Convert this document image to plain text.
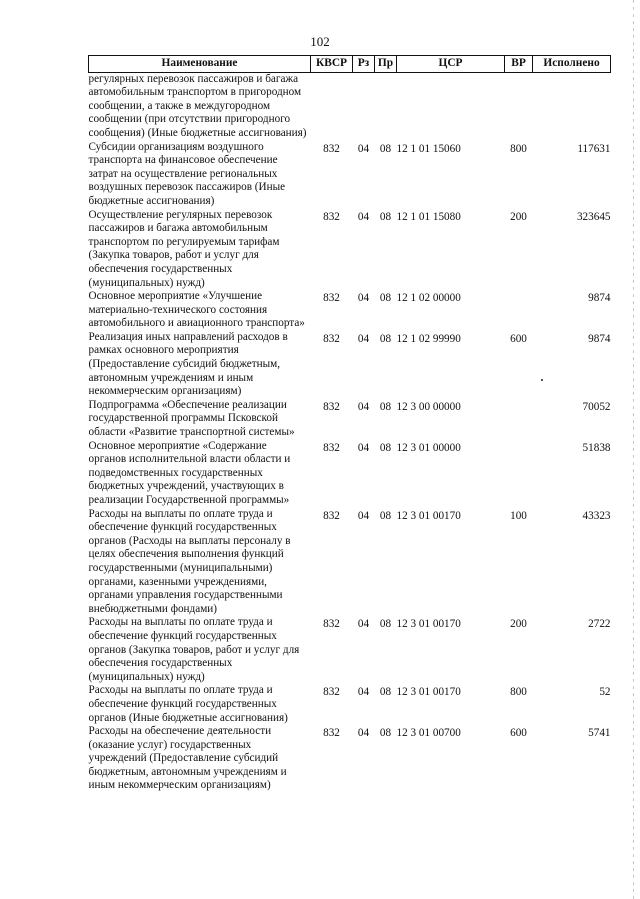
102
Наименование	КВСР	Рз	Пр	ЦСР	ВР	Исполнено
регулярных перевозок пассажиров и багажа автомобильным транспортом в пригородном сообщении, а также в междугородном сообщении (при отсутствии пригородного сообщения) (Иные бюджетные ассигнования)						
Субсидии организациям воздушного транспорта на финансовое обеспечение затрат на осуществление региональных воздушных перевозок пассажиров (Иные бюджетные ассигнования)	832	04	08	12 1 01 15060	800	117631
Осуществление регулярных перевозок пассажиров и багажа автомобильным транспортом по регулируемым тарифам (Закупка товаров, работ и услуг для обеспечения государственных (муниципальных) нужд)	832	04	08	12 1 01 15080	200	323645
Основное мероприятие «Улучшение материально-технического состояния автомобильного и авиационного транспорта»	832	04	08	12 1 02 00000		9874
Реализация иных направлений расходов в рамках основного мероприятия (Предоставление субсидий бюджетным, автономным учреждениям и иным некоммерческим организациям)	832	04	08	12 1 02 99990	600	9874
Подпрограмма «Обеспечение реализации государственной программы Псковской области «Развитие транспортной системы»	832	04	08	12 3 00 00000		70052
Основное мероприятие «Содержание органов исполнительной власти области и подведомственных государственных бюджетных учреждений, участвующих в реализации Государственной программы»	832	04	08	12 3 01 00000		51838
Расходы на выплаты по оплате труда и обеспечение функций государственных органов (Расходы на выплаты персоналу в целях обеспечения выполнения функций государственными (муниципальными) органами, казенными учреждениями, органами управления государственными внебюджетными фондами)	832	04	08	12 3 01 00170	100	43323
Расходы на выплаты по оплате труда и обеспечение функций государственных органов (Закупка товаров, работ и услуг для обеспечения государственных (муниципальных) нужд)	832	04	08	12 3 01 00170	200	2722
Расходы на выплаты по оплате труда и обеспечение функций государственных органов (Иные бюджетные ассигнования)	832	04	08	12 3 01 00170	800	52
Расходы на обеспечение деятельности (оказание услуг) государственных учреждений (Предоставление субсидий бюджетным, автономным учреждениям и иным некоммерческим организациям)	832	04	08	12 3 01 00700	600	5741
